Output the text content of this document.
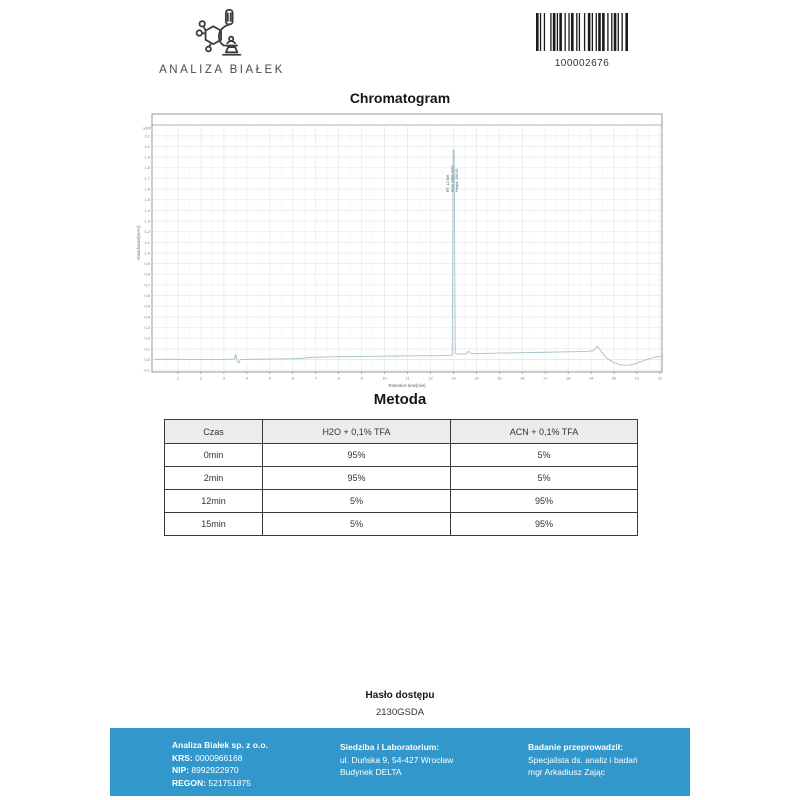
ANALIZA BIAŁEK
100002676
Chromatogram
2.1
2.0
1.9
1.8
1.7
1.6
1.5
1.4
1.3
1.2
1.1
1.0
0.9
0.8
0.7
0.6
0.5
0.4
0.3
0.2
0.1
0.0
-0.1
x10²
1	2	3	4	5	6	7	8	9	10	11	12	13	14	15	16	17	18	19	20	21	22
Retention time[min]
Absorbance[mAU]
RT: 12.906 Area: 1882.4242 Height: 190.00
Metoda
Czas	H2O + 0,1% TFA	ACN + 0,1% TFA
0min	95%	5%
2min	95%	5%
12min	5%	95%
15min	5%	95%
Hasło dostępu
2130GSDA
Analiza Białek sp. z o.o.
KRS: 0000966168
NIP: 8992922970
REGON: 521751875
Siedziba i Laboratorium:
ul. Duńska 9, 54-427 Wrocław
Budynek DELTA
Badanie przeprowadził:
Specjalista ds. analiz i badań
mgr Arkadiusz Zając
